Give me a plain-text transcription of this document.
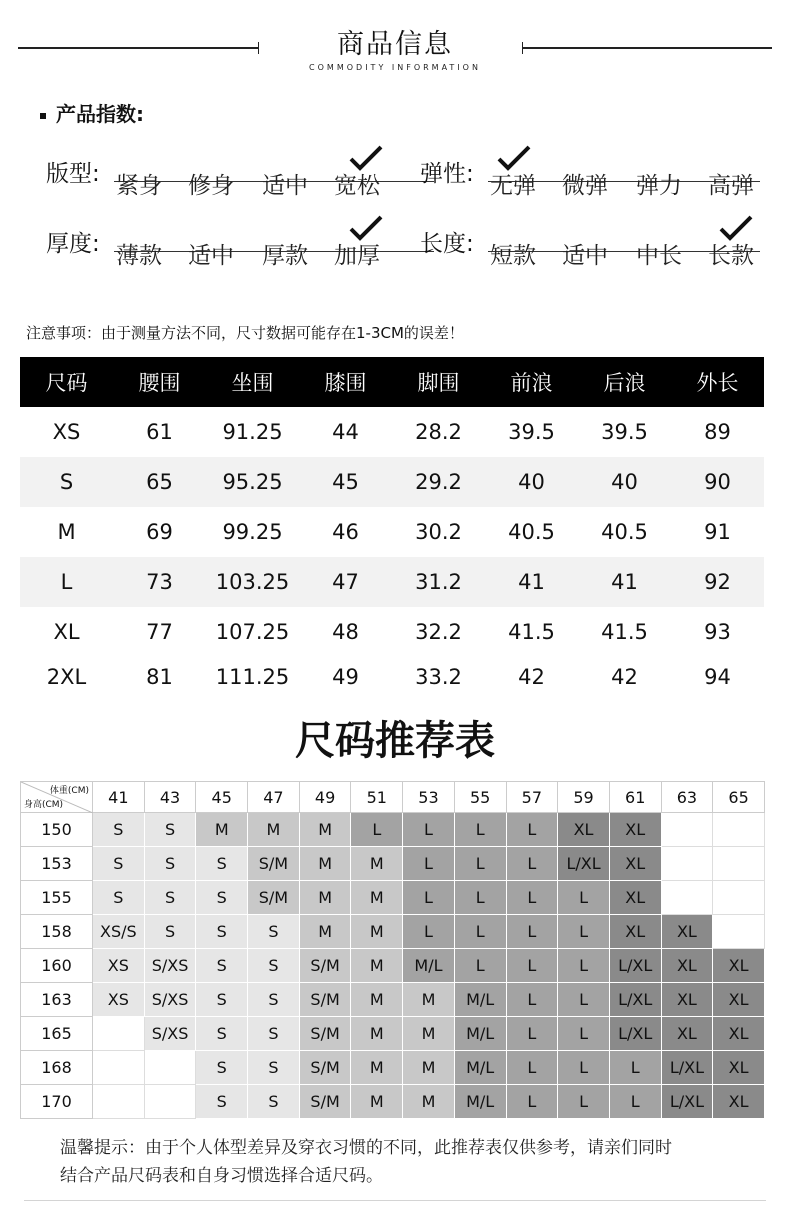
商品信息
COMMODITY INFORMATION
产品指数:
版型: 紧身 修身 适中 宽松 弹性: 无弹 微弹 弹力 高弹
厚度: 薄款 适中 厚款 加厚 长度: 短款 适中 中长 长款
注意事项：由于测量方法不同，尺寸数据可能存在1-3CM的误差！
尺码	腰围	坐围	膝围	脚围	前浪	后浪	外长
XS	61	91.25	44	28.2	39.5	39.5	89
S	65	95.25	45	29.2	40	40	90
M	69	99.25	46	30.2	40.5	40.5	91
L	73	103.25	47	31.2	41	41	92
XL	77	107.25	48	32.2	41.5	41.5	93
2XL	81	111.25	49	33.2	42	42	94
尺码推荐表
体重(CM)
身高(CM)	41	43	45	47	49	51	53	55	57	59	61	63	65
150	S	S	M	M	M	L	L	L	L	XL	XL		
153	S	S	S	S/M	M	M	L	L	L	L/XL	XL		
155	S	S	S	S/M	M	M	L	L	L	L	XL		
158	XS/S	S	S	S	M	M	L	L	L	L	XL	XL	
160	XS	S/XS	S	S	S/M	M	M/L	L	L	L	L/XL	XL	XL
163	XS	S/XS	S	S	S/M	M	M	M/L	L	L	L/XL	XL	XL
165		S/XS	S	S	S/M	M	M	M/L	L	L	L/XL	XL	XL
168			S	S	S/M	M	M	M/L	L	L	L	L/XL	XL
170			S	S	S/M	M	M	M/L	L	L	L	L/XL	XL
温馨提示：由于个人体型差异及穿衣习惯的不同，此推荐表仅供参考，请亲们同时
结合产品尺码表和自身习惯选择合适尺码。
